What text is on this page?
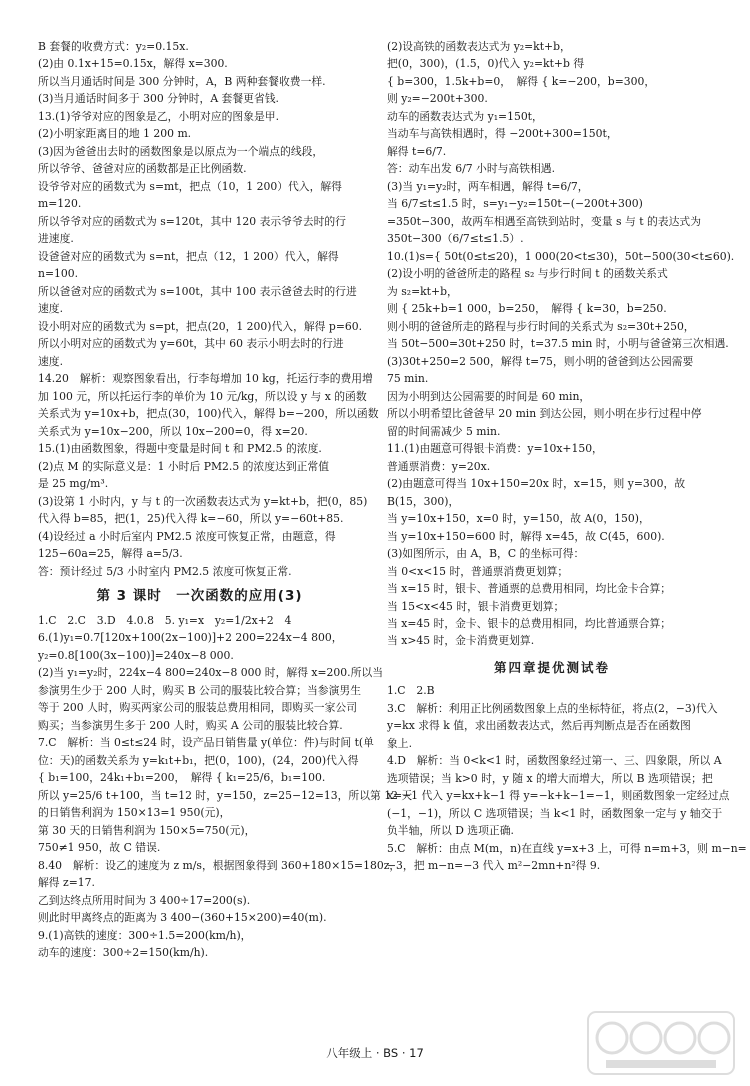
B 套餐的收费方式：y₂=0.15x.
(2)由 0.1x+15=0.15x，解得 x=300.
所以当月通话时间是 300 分钟时，A，B 两种套餐收费一样.
(3)当月通话时间多于 300 分钟时，A 套餐更省钱.
13.(1)爷爷对应的图象是乙，小明对应的图象是甲.
(2)小明家距离目的地 1 200 m.
(3)因为爸爸出去时的函数图象是以原点为一个端点的线段，
所以爷爷、爸爸对应的函数都是正比例函数.
设爷爷对应的函数式为 s=mt，把点（10，1 200）代入，解得
m=120.
所以爷爷对应的函数式为 s=120t，其中 120 表示爷爷去时的行
进速度.
设爸爸对应的函数式为 s=nt，把点（12，1 200）代入，解得
n=100.
所以爸爸对应的函数式为 s=100t，其中 100 表示爸爸去时的行进
速度.
设小明对应的函数式为 s=pt，把点(20，1 200)代入，解得 p=60.
所以小明对应的函数式为 y=60t，其中 60 表示小明去时的行进
速度.
14.20　解析：观察图象看出，行李每增加 10 kg，托运行李的费用增
加 100 元，所以托运行李的单价为 10 元/kg，所以设 y 与 x 的函数
关系式为 y=10x+b，把点(30，100)代入，解得 b=−200，所以函数
关系式为 y=10x−200，所以 10x−200=0，得 x=20.
15.(1)由函数图象，得题中变量是时间 t 和 PM2.5 的浓度.
(2)点 M 的实际意义是：1 小时后 PM2.5 的浓度达到正常值
是 25 mg/m³.
(3)设第 1 小时内，y 与 t 的一次函数表达式为 y=kt+b，把(0，85)
代入得 b=85，把(1，25)代入得 k=−60，所以 y=−60t+85.
(4)设经过 a 小时后室内 PM2.5 浓度可恢复正常，由题意，得
125−60a=25，解得 a=5/3.
答：预计经过 5/3 小时室内 PM2.5 浓度可恢复正常.
第 3 课时　一次函数的应用(3)
1.C　2.C　3.D　4.0.8　5. y₁=x　y₂=1/2x+2　4
6.(1)y₁=0.7[120x+100(2x−100)]+2 200=224x−4 800，
y₂=0.8[100(3x−100)]=240x−8 000.
(2)当 y₁=y₂时，224x−4 800=240x−8 000 时，解得 x=200.所以当
参演男生少于 200 人时，购买 B 公司的服装比较合算；当参演男生
等于 200 人时，购买两家公司的服装总费用相同，即购买一家公司
购买；当参演男生多于 200 人时，购买 A 公司的服装比较合算.
7.C　解析：当 0≤t≤24 时，设产品日销售量 y(单位：件)与时间 t(单
位：天)的函数关系为 y=k₁t+b₁，把(0，100)，(24，200)代入得
{ b₁=100，24k₁+b₁=200，　解得 { k₁=25/6，b₁=100.
所以 y=25/6 t+100，当 t=12 时，y=150，z=25−12=13，所以第 12 天
的日销售利润为 150×13=1 950(元)，
第 30 天的日销售利润为 150×5=750(元)，
750≠1 950，故 C 错误.
8.40　解析：设乙的速度为 z m/s，根据图象得到 360+180×15=180z，
解得 z=17.
乙到达终点所用时间为 3 400÷17=200(s).
则此时甲离终点的距离为 3 400−(360+15×200)=40(m).
9.(1)高铁的速度：300÷1.5=200(km/h)，
动车的速度：300÷2=150(km/h).
(2)设高铁的函数表达式为 y₂=kt+b，
把(0，300)，(1.5，0)代入 y₂=kt+b 得
{ b=300，1.5k+b=0，　解得 { k=−200，b=300，
则 y₂=−200t+300.
动车的函数表达式为 y₁=150t，
当动车与高铁相遇时，得 −200t+300=150t，
解得 t=6/7.
答：动车出发 6/7 小时与高铁相遇.
(3)当 y₁=y₂时，两车相遇，解得 t=6/7，
当 6/7≤t≤1.5 时，s=y₁−y₂=150t−(−200t+300)
=350t−300，故两车相遇至高铁到站时，变量 s 与 t 的表达式为
350t−300（6/7≤t≤1.5）.
10.(1)s={ 50t(0≤t≤20)，1 000(20<t≤30)，50t−500(30<t≤60).
(2)设小明的爸爸所走的路程 s₂ 与步行时间 t 的函数关系式
为 s₂=kt+b，
则 { 25k+b=1 000，b=250，　解得 { k=30，b=250.
则小明的爸爸所走的路程与步行时间的关系式为 s₂=30t+250，
当 50t−500=30t+250 时，t=37.5 min 时，小明与爸爸第三次相遇.
(3)30t+250=2 500，解得 t=75，则小明的爸爸到达公园需要
75 min.
因为小明到达公园需要的时间是 60 min，
所以小明希望比爸爸早 20 min 到达公园，则小明在步行过程中停
留的时间需减少 5 min.
11.(1)由题意可得银卡消费：y=10x+150，
普通票消费：y=20x.
(2)由题意可得当 10x+150=20x 时，x=15，则 y=300，故
B(15，300)，
当 y=10x+150，x=0 时，y=150，故 A(0，150)，
当 y=10x+150=600 时，解得 x=45，故 C(45，600).
(3)如图所示，由 A，B，C 的坐标可得：
当 0<x<15 时，普通票消费更划算；
当 x=15 时，银卡、普通票的总费用相同，均比金卡合算；
当 15<x<45 时，银卡消费更划算；
当 x=45 时，金卡、银卡的总费用相同，均比普通票合算；
当 x>45 时，金卡消费更划算.
第四章提优测试卷
1.C　2.B
3.C　解析：利用正比例函数图象上点的坐标特征，将点(2，−3)代入
y=kx 求得 k 值，求出函数表达式，然后再判断点是否在函数图
象上.
4.D　解析：当 0<k<1 时，函数图象经过第一、三、四象限，所以 A
选项错误；当 k>0 时，y 随 x 的增大而增大，所以 B 选项错误；把
x=−1 代入 y=kx+k−1 得 y=−k+k−1=−1，则函数图象一定经过点
(−1，−1)，所以 C 选项错误；当 k<1 时，函数图象一定与 y 轴交于
负半轴，所以 D 选项正确.
5.C　解析：由点 M(m，n)在直线 y=x+3 上，可得 n=m+3，则 m−n=
−3，把 m−n=−3 代入 m²−2mn+n²得 9.
八年级上 · BS · 17
